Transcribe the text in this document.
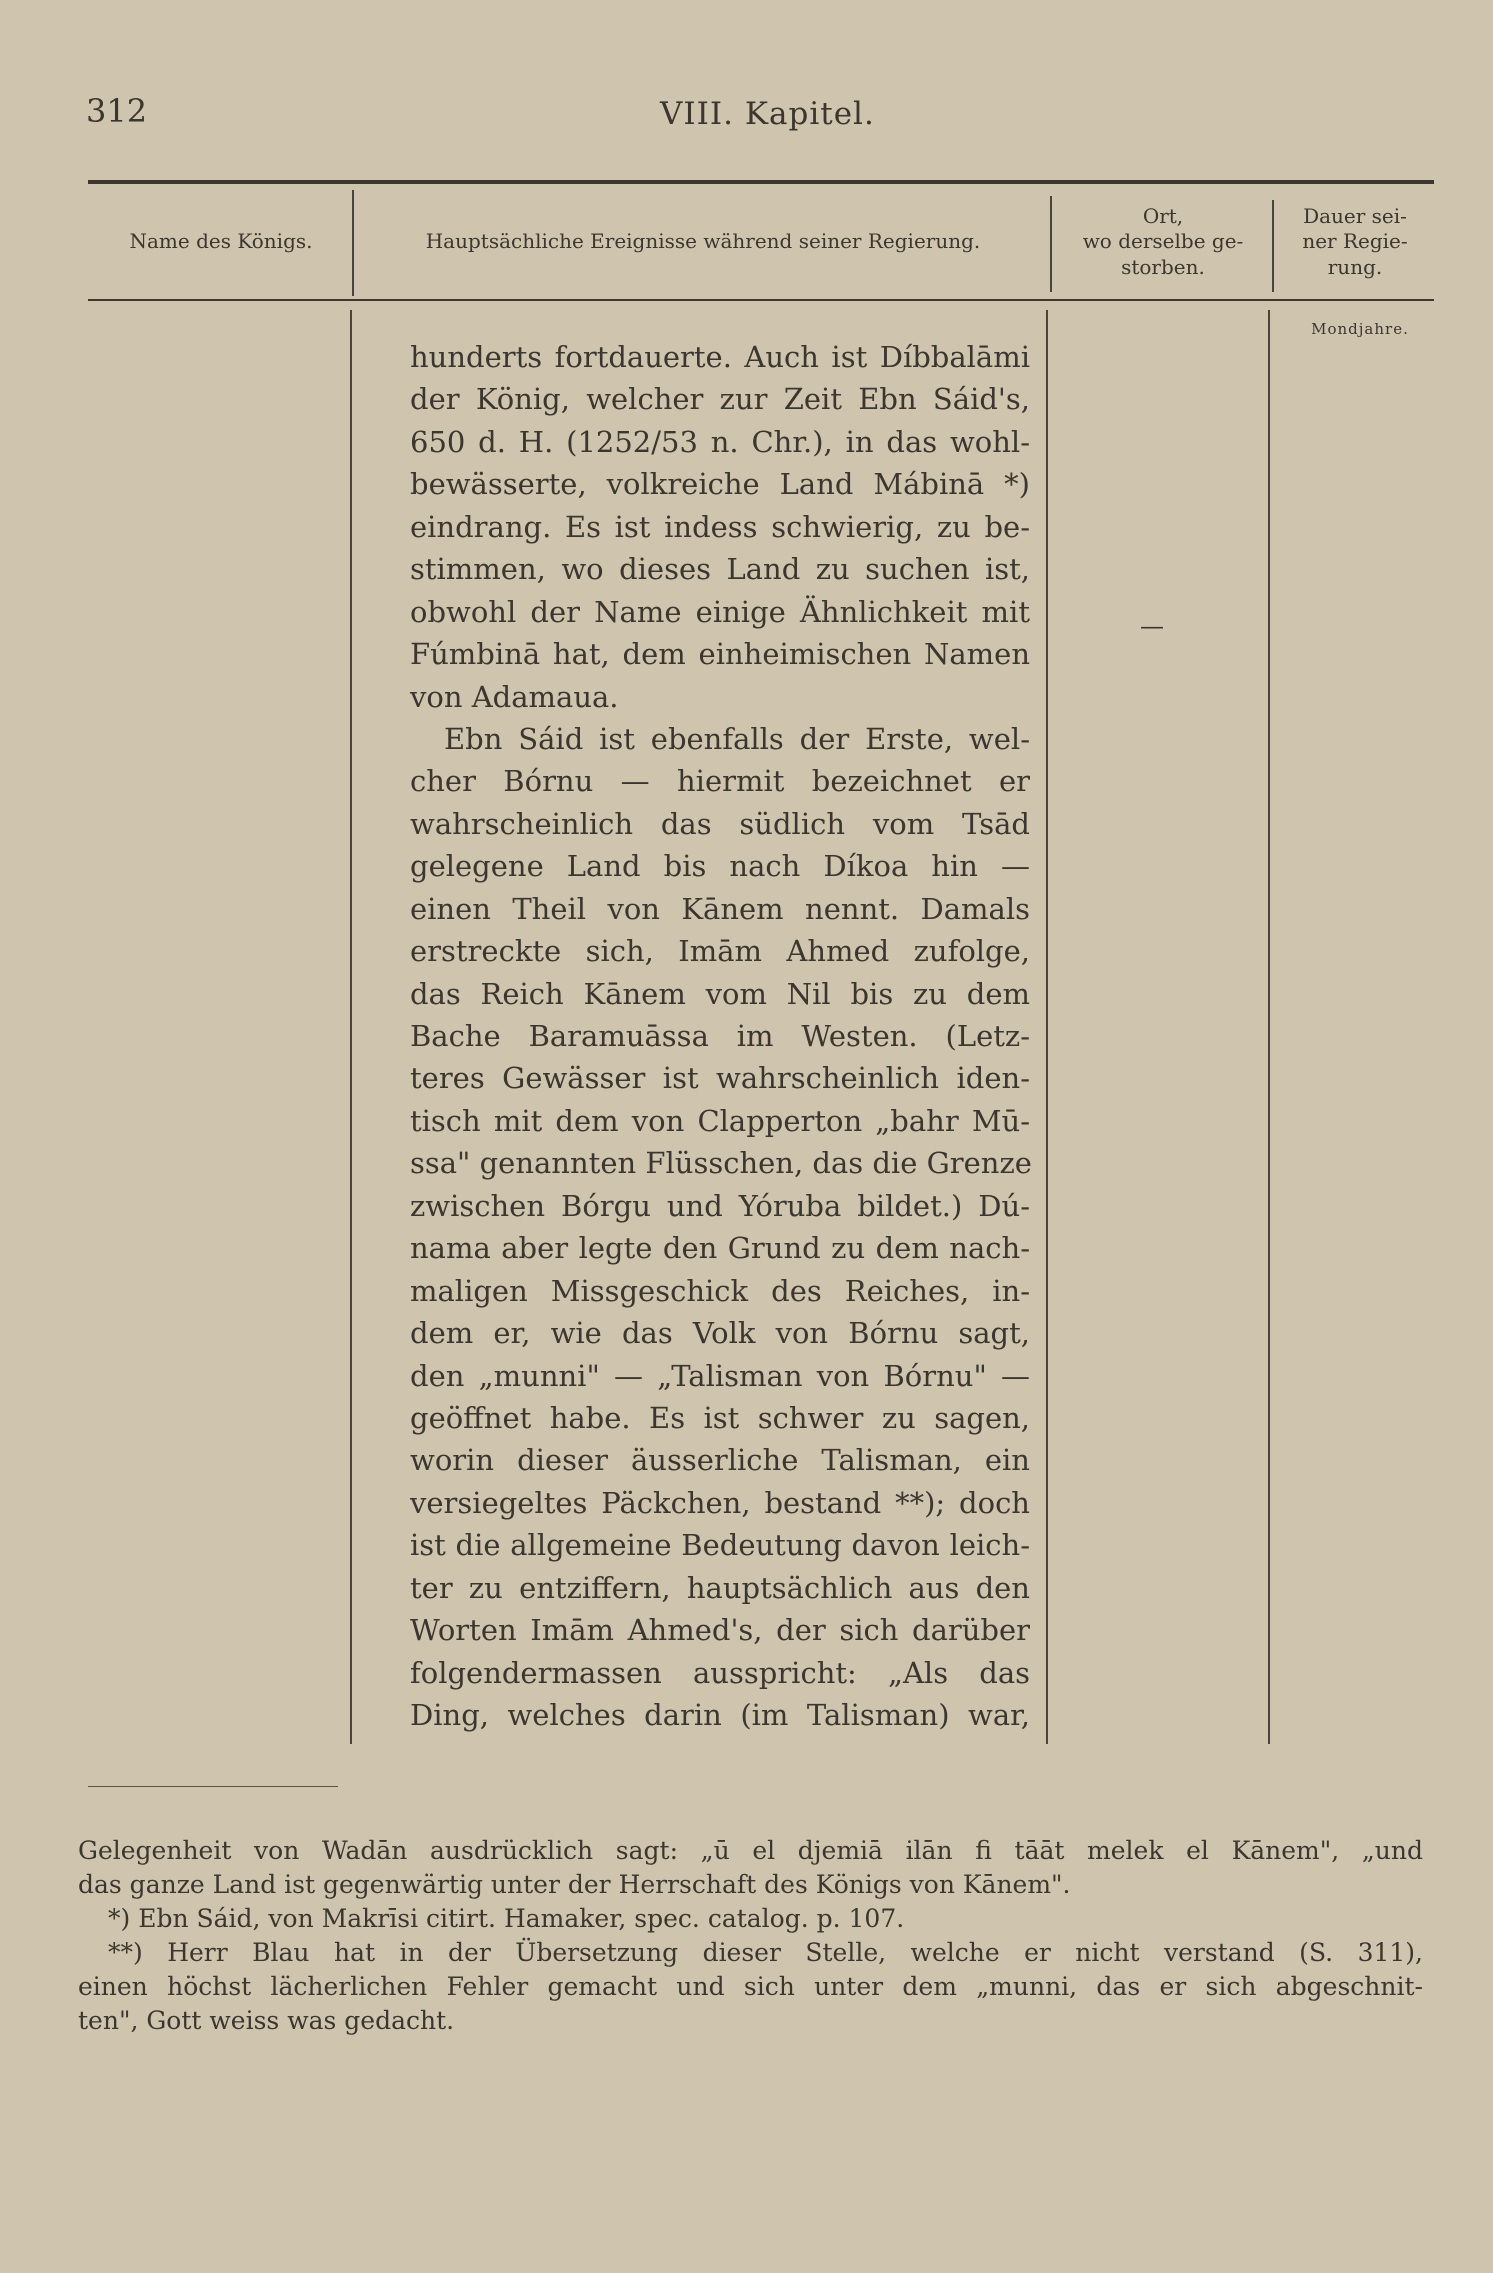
312	VIII. Kapitel.
Name des Königs.	Hauptsächliche Ereignisse während seiner Regierung.
Ort,
wo derselbe ge-
storben.
Dauer sei-
ner Regie-
rung.
Mondjahre.
—
hunderts fortdauerte. Auch ist Díbbalāmi
der König, welcher zur Zeit Ebn Sáid's,
650 d. H. (1252/53 n. Chr.), in das wohl-
bewässerte, volkreiche Land Mábinā *)
eindrang. Es ist indess schwierig, zu be-
stimmen, wo dieses Land zu suchen ist,
obwohl der Name einige Ähnlichkeit mit
Fúmbinā hat, dem einheimischen Namen
von Adamaua.
Ebn Sáid ist ebenfalls der Erste, wel-
cher Bórnu — hiermit bezeichnet er
wahrscheinlich das südlich vom Tsād
gelegene Land bis nach Díkoa hin —
einen Theil von Kānem nennt. Damals
erstreckte sich, Imām Ahmed zufolge,
das Reich Kānem vom Nil bis zu dem
Bache Baramuāssa im Westen. (Letz-
teres Gewässer ist wahrscheinlich iden-
tisch mit dem von Clapperton „bahr Mū-
ssa" genannten Flüsschen, das die Grenze
zwischen Bórgu und Yóruba bildet.) Dú-
nama aber legte den Grund zu dem nach-
maligen Missgeschick des Reiches, in-
dem er, wie das Volk von Bórnu sagt,
den „munni" — „Talisman von Bórnu" —
geöffnet habe. Es ist schwer zu sagen,
worin dieser äusserliche Talisman, ein
versiegeltes Päckchen, bestand **); doch
ist die allgemeine Bedeutung davon leich-
ter zu entziffern, hauptsächlich aus den
Worten Imām Ahmed's, der sich darüber
folgendermassen ausspricht: „Als das
Ding, welches darin (im Talisman) war,
Gelegenheit von Wadān ausdrücklich sagt: „ū el djemiā ilān fi tāāt melek el Kānem", „und
das ganze Land ist gegenwärtig unter der Herrschaft des Königs von Kānem".
*) Ebn Sáid, von Makrīsi citirt. Hamaker, spec. catalog. p. 107.
**) Herr Blau hat in der Übersetzung dieser Stelle, welche er nicht verstand (S. 311),
einen höchst lächerlichen Fehler gemacht und sich unter dem „munni, das er sich abgeschnit-
ten", Gott weiss was gedacht.
